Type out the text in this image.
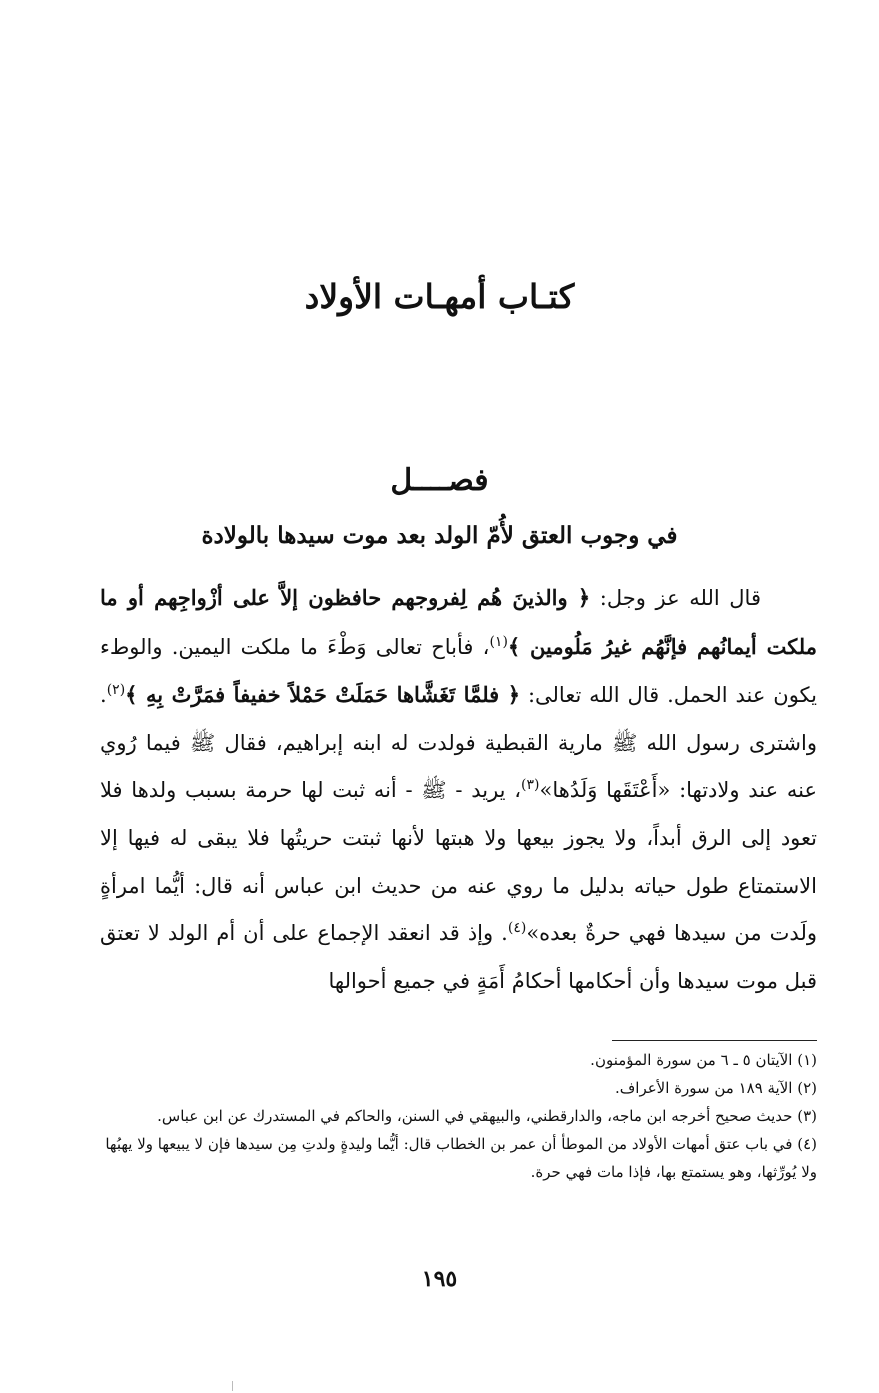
كتـاب أمهـات الأولاد
فصــــل
في وجوب العتق لأُمّ الولد بعد موت سيدها بالولادة

قال الله عز وجل: ﴿ والذينَ هُم لِفروجهم حافظون إلاَّ على أزْواجِهم أو ما ملكت أيمانُهم فإنَّهُم غيرُ مَلُومين ﴾$^{(١)}$، فأباح تعالى وَطْءَ ما ملكت اليمين. والوطء يكون عند الحمل. قال الله تعالى: ﴿ فلمَّا تَغَشَّاها حَمَلَتْ حَمْلاً خفيفاً فمَرَّتْ بِهِ ﴾$^{(٢)}$. واشترى رسول الله ﷺ مارية القبطية فولدت له ابنه إبراهيم، فقال ﷺ فيما رُوي عنه عند ولادتها: «أَعْتَقَها وَلَدُها»$^{(٣)}$، يريد - ﷺ - أنه ثبت لها حرمة بسبب ولدها فلا تعود إلى الرق أبداً، ولا يجوز بيعها ولا هبتها لأنها ثبتت حريتُها فلا يبقى له فيها إلا الاستمتاع طول حياته بدليل ما روي عنه من حديث ابن عباس أنه قال: أيُّما امرأةٍ ولَدت من سيدها فهي حرةٌ بعده»$^{(٤)}$. وإذ قد انعقد الإجماع على أن أم الولد لا تعتق قبل موت سيدها وأن أحكامها أحكامُ أَمَةٍ في جميع أحوالها

(١) الآيتان ٥ ـ ٦ من سورة المؤمنون.
(٢) الآية ١٨٩ من سورة الأعراف.
(٣) حديث صحيح أخرجه ابن ماجه، والدارقطني، والبيهقي في السنن، والحاكم في المستدرك عن ابن عباس.
(٤) في باب عتق أمهات الأولاد من الموطأ أن عمر بن الخطاب قال: أيُّما وليدةٍ ولدتِ مِن سيدها فإن لا يبيعها ولا يهبُها ولا يُورِّثها، وهو يستمتع بها، فإذا مات فهي حرة.
١٩٥
